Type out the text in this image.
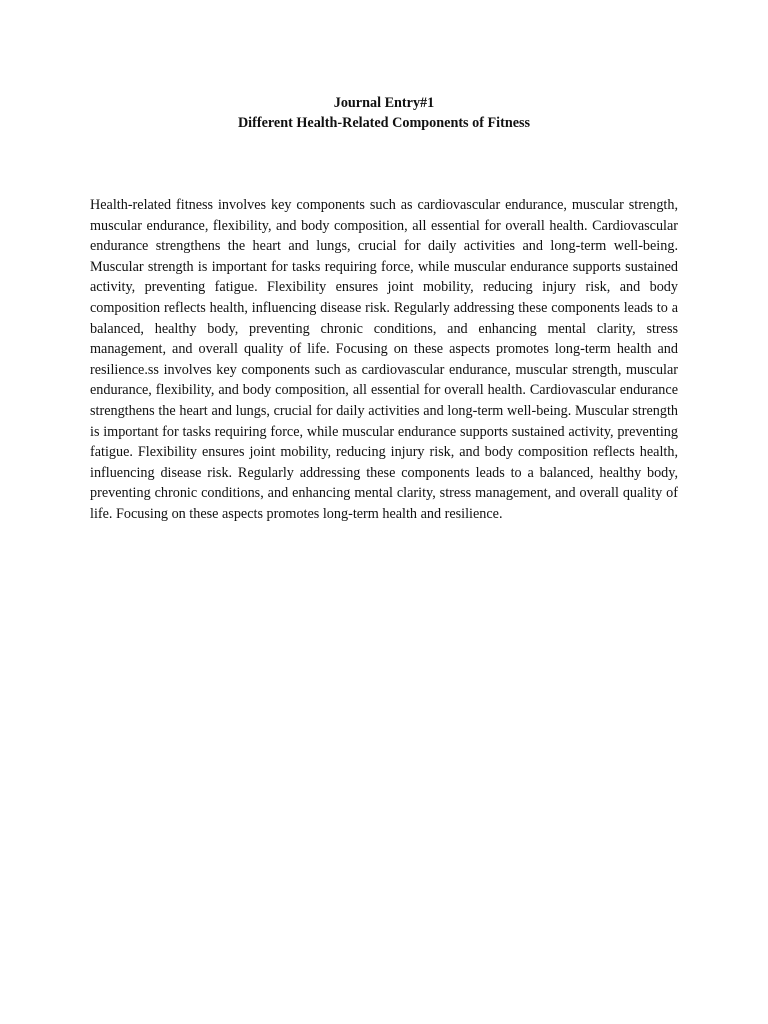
Journal Entry#1
Different Health-Related Components of Fitness

Health-related fitness involves key components such as cardiovascular endurance, muscular strength, muscular endurance, flexibility, and body composition, all essential for overall health. Cardiovascular endurance strengthens the heart and lungs, crucial for daily activities and long-term well-being. Muscular strength is important for tasks requiring force, while muscular endurance supports sustained activity, preventing fatigue. Flexibility ensures joint mobility, reducing injury risk, and body composition reflects health, influencing disease risk. Regularly addressing these components leads to a balanced, healthy body, preventing chronic conditions, and enhancing mental clarity, stress management, and overall quality of life. Focusing on these aspects promotes long-term health and resilience.ss involves key components such as cardiovascular endurance, muscular strength, muscular endurance, flexibility, and body composition, all essential for overall health. Cardiovascular endurance strengthens the heart and lungs, crucial for daily activities and long-term well-being. Muscular strength is important for tasks requiring force, while muscular endurance supports sustained activity, preventing fatigue. Flexibility ensures joint mobility, reducing injury risk, and body composition reflects health, influencing disease risk. Regularly addressing these components leads to a balanced, healthy body, preventing chronic conditions, and enhancing mental clarity, stress management, and overall quality of life. Focusing on these aspects promotes long-term health and resilience.
